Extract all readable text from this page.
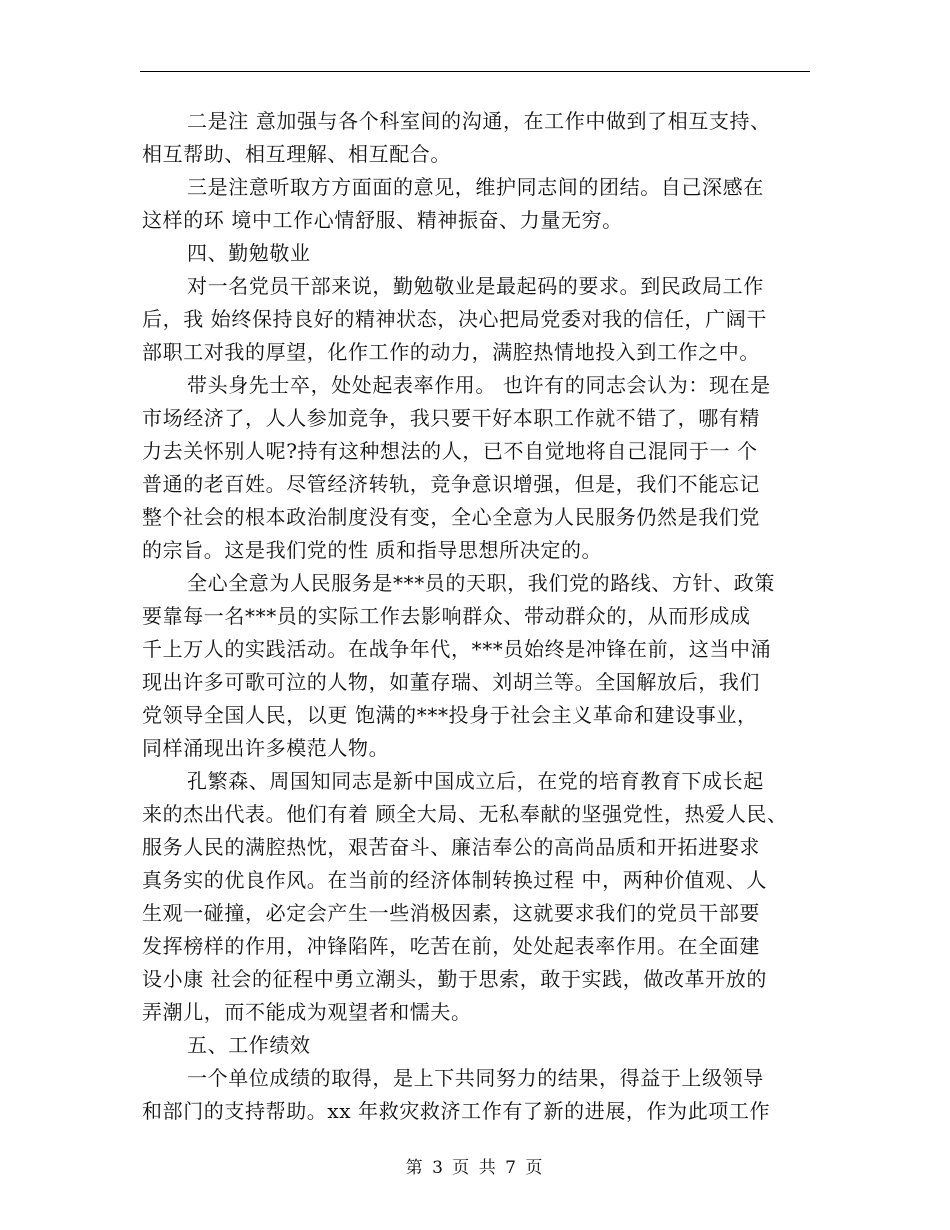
二是注 意加强与各个科室间的沟通，在工作中做到了相互支持、
相互帮助、相互理解、相互配合。
三是注意听取方方面面的意见，维护同志间的团结。自己深感在
这样的环 境中工作心情舒服、精神振奋、力量无穷。
四、勤勉敬业
对一名党员干部来说，勤勉敬业是最起码的要求。到民政局工作
后，我 始终保持良好的精神状态，决心把局党委对我的信任，广阔干
部职工对我的厚望，化作工作的动力，满腔热情地投入到工作之中。
带头身先士卒，处处起表率作用。 也许有的同志会认为：现在是
市场经济了，人人参加竞争，我只要干好本职工作就不错了，哪有精
力去关怀别人呢?持有这种想法的人，已不自觉地将自己混同于一 个
普通的老百姓。尽管经济转轨，竞争意识增强，但是，我们不能忘记
整个社会的根本政治制度没有变，全心全意为人民服务仍然是我们党
的宗旨。这是我们党的性 质和指导思想所决定的。
全心全意为人民服务是***员的天职，我们党的路线、方针、政策
要靠每一名***员的实际工作去影响群众、带动群众的，从而形成成
千上万人的实践活动。在战争年代，***员始终是冲锋在前，这当中涌
现出许多可歌可泣的人物，如董存瑞、刘胡兰等。全国解放后，我们
党领导全国人民，以更 饱满的***投身于社会主义革命和建设事业，
同样涌现出许多模范人物。
孔繁森、周国知同志是新中国成立后，在党的培育教育下成长起
来的杰出代表。他们有着 顾全大局、无私奉献的坚强党性，热爱人民、
服务人民的满腔热忱，艰苦奋斗、廉洁奉公的高尚品质和开拓进娶求
真务实的优良作风。在当前的经济体制转换过程 中，两种价值观、人
生观一碰撞，必定会产生一些消极因素，这就要求我们的党员干部要
发挥榜样的作用，冲锋陷阵，吃苦在前，处处起表率作用。在全面建
设小康 社会的征程中勇立潮头，勤于思索，敢于实践，做改革开放的
弄潮儿，而不能成为观望者和懦夫。
五、工作绩效
一个单位成绩的取得，是上下共同努力的结果，得益于上级领导
和部门的支持帮助。xx 年救灾救济工作有了新的进展，作为此项工作
第 3 页 共 7 页
